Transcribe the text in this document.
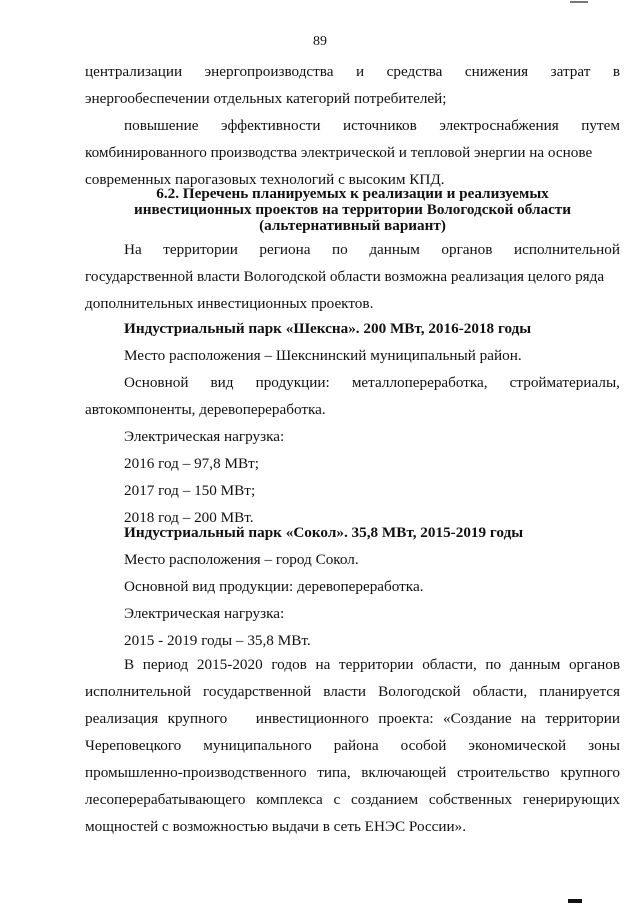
89
централизации энергопроизводства и средства снижения затрат в
энергообеспечении отдельных категорий потребителей;
повышение эффективности источников электроснабжения путем
комбинированного производства электрической и тепловой энергии на основе
современных парогазовых технологий с высоким КПД.
6.2. Перечень планируемых к реализации и реализуемых
инвестиционных проектов на территории Вологодской области
(альтернативный вариант)
На территории региона по данным органов исполнительной
государственной власти Вологодской области возможна реализация целого ряда
дополнительных инвестиционных проектов.
Индустриальный парк «Шексна». 200 МВт, 2016-2018 годы
Место расположения – Шекснинский муниципальный район.
Основной вид продукции: металлопереработка, стройматериалы,
автокомпоненты, деревопереработка.
Электрическая нагрузка:
2016 год – 97,8 МВт;
2017 год – 150 МВт;
2018 год – 200 МВт.
Индустриальный парк «Сокол». 35,8 МВт, 2015-2019 годы
Место расположения – город Сокол.
Основной вид продукции: деревопереработка.
Электрическая нагрузка:
2015 - 2019 годы – 35,8 МВт.
В период 2015-2020 годов на территории области, по данным органов
исполнительной государственной власти Вологодской области, планируется
реализация крупного   инвестиционного проекта: «Создание на территории
Череповецкого муниципального района особой экономической зоны
промышленно-производственного типа, включающей строительство крупного
лесоперерабатывающего комплекса с созданием собственных генерирующих
мощностей с возможностью выдачи в сеть ЕНЭС России».
